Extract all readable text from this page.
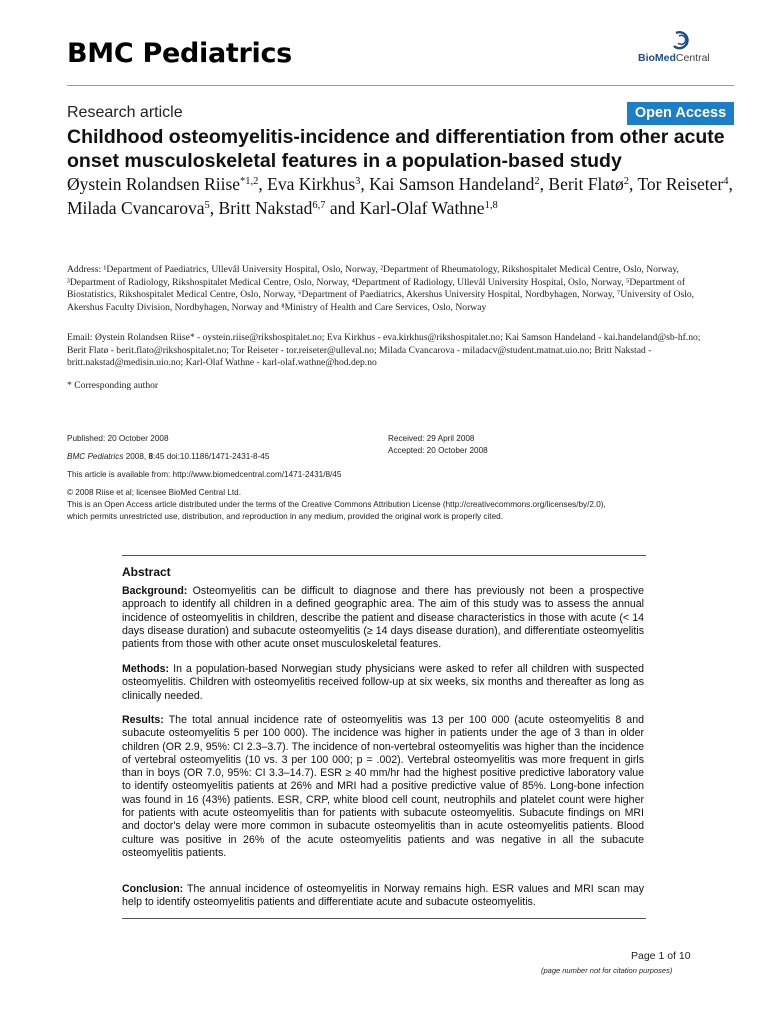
BMC Pediatrics	BioMedCentral
Research article	Open Access
Childhood osteomyelitis-incidence and differentiation from other acute onset musculoskeletal features in a population-based study
Øystein Rolandsen Riise$^{*1,2}$, Eva Kirkhus$^3$, Kai Samson Handeland$^2$, Berit Flatø$^2$, Tor Reiseter$^4$, Milada Cvancarova$^5$, Britt Nakstad$^{6,7}$ and Karl-Olaf Wathne$^{1,8}$
Address: ¹Department of Paediatrics, Ullevål University Hospital, Oslo, Norway, ²Department of Rheumatology, Rikshospitalet Medical Centre, Oslo, Norway, ³Department of Radiology, Rikshospitalet Medical Centre, Oslo, Norway, ⁴Department of Radiology, Ullevål University Hospital, Oslo, Norway, ⁵Department of Biostatistics, Rikshospitalet Medical Centre, Oslo, Norway, ⁶Department of Paediatrics, Akershus University Hospital, Nordbyhagen, Norway, ⁷University of Oslo, Akershus Faculty Division, Nordbyhagen, Norway and ⁸Ministry of Health and Care Services, Oslo, Norway
Email: Øystein Rolandsen Riise* - oystein.riise@rikshospitalet.no; Eva Kirkhus - eva.kirkhus@rikshospitalet.no; Kai Samson Handeland - kai.handeland@sb-hf.no; Berit Flatø - berit.flato@rikshospitalet.no; Tor Reiseter - tor.reiseter@ulleval.no; Milada Cvancarova - miladacv@student.matnat.uio.no; Britt Nakstad - britt.nakstad@medisin.uio.no; Karl-Olaf Wathne - karl-olaf.wathne@hod.dep.no
* Corresponding author
Published: 20 October 2008	Received: 29 April 2008
Accepted: 20 October 2008
BMC Pediatrics 2008, 8:45 doi:10.1186/1471-2431-8-45
This article is available from: http://www.biomedcentral.com/1471-2431/8/45
© 2008 Riise et al; licensee BioMed Central Ltd.
This is an Open Access article distributed under the terms of the Creative Commons Attribution License (http://creativecommons.org/licenses/by/2.0),
which permits unrestricted use, distribution, and reproduction in any medium, provided the original work is properly cited.
Abstract
Background: Osteomyelitis can be difficult to diagnose and there has previously not been a prospective approach to identify all children in a defined geographic area. The aim of this study was to assess the annual incidence of osteomyelitis in children, describe the patient and disease characteristics in those with acute (< 14 days disease duration) and subacute osteomyelitis (≥ 14 days disease duration), and differentiate osteomyelitis patients from those with other acute onset musculoskeletal features.
Methods: In a population-based Norwegian study physicians were asked to refer all children with suspected osteomyelitis. Children with osteomyelitis received follow-up at six weeks, six months and thereafter as long as clinically needed.
Results: The total annual incidence rate of osteomyelitis was 13 per 100 000 (acute osteomyelitis 8 and subacute osteomyelitis 5 per 100 000). The incidence was higher in patients under the age of 3 than in older children (OR 2.9, 95%: CI 2.3–3.7). The incidence of non-vertebral osteomyelitis was higher than the incidence of vertebral osteomyelitis (10 vs. 3 per 100 000; p = .002). Vertebral osteomyelitis was more frequent in girls than in boys (OR 7.0, 95%: CI 3.3–14.7). ESR ≥ 40 mm/hr had the highest positive predictive laboratory value to identify osteomyelitis patients at 26% and MRI had a positive predictive value of 85%. Long-bone infection was found in 16 (43%) patients. ESR, CRP, white blood cell count, neutrophils and platelet count were higher for patients with acute osteomyelitis than for patients with subacute osteomyelitis. Subacute findings on MRI and doctor's delay were more common in subacute osteomyelitis than in acute osteomyelitis patients. Blood culture was positive in 26% of the acute osteomyelitis patients and was negative in all the subacute osteomyelitis patients.
Conclusion: The annual incidence of osteomyelitis in Norway remains high. ESR values and MRI scan may help to identify osteomyelitis patients and differentiate acute and subacute osteomyelitis.
Page 1 of 10
(page number not for citation purposes)
